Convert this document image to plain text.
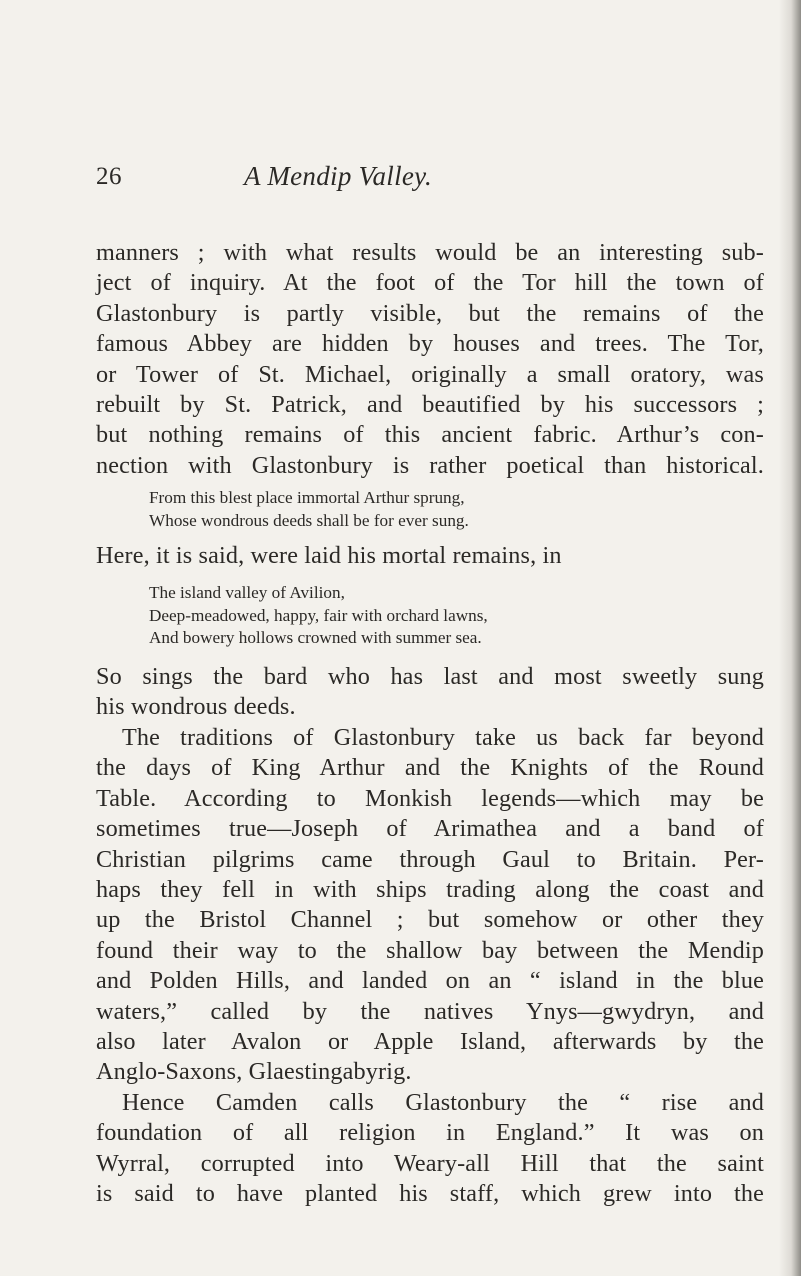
26	A Mendip Valley.
manners ; with what results would be an interesting sub-
ject of inquiry. At the foot of the Tor hill the town of
Glastonbury is partly visible, but the remains of the
famous Abbey are hidden by houses and trees. The Tor,
or Tower of St. Michael, originally a small oratory, was
rebuilt by St. Patrick, and beautified by his successors ;
but nothing remains of this ancient fabric. Arthur’s con-
nection with Glastonbury is rather poetical than historical.
From this blest place immortal Arthur sprung,
Whose wondrous deeds shall be for ever sung.
Here, it is said, were laid his mortal remains, in
The island valley of Avilion,
Deep-meadowed, happy, fair with orchard lawns,
And bowery hollows crowned with summer sea.
So sings the bard who has last and most sweetly sung
his wondrous deeds.
The traditions of Glastonbury take us back far beyond
the days of King Arthur and the Knights of the Round
Table. According to Monkish legends—which may be
sometimes true—Joseph of Arimathea and a band of
Christian pilgrims came through Gaul to Britain. Per-
haps they fell in with ships trading along the coast and
up the Bristol Channel ; but somehow or other they
found their way to the shallow bay between the Mendip
and Polden Hills, and landed on an “ island in the blue
waters,” called by the natives Ynys—gwydryn, and
also later Avalon or Apple Island, afterwards by the
Anglo-Saxons, Glaestingabyrig.
Hence Camden calls Glastonbury the “ rise and
foundation of all religion in England.” It was on
Wyrral, corrupted into Weary-all Hill that the saint
is said to have planted his staff, which grew into the
